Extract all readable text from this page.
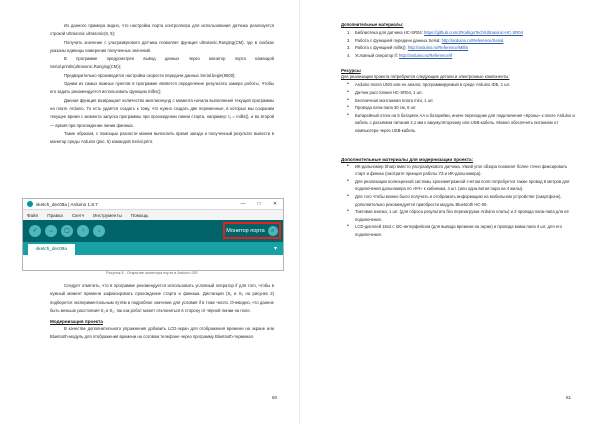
Из данного примера видно, что настройка порта контроллера для использования датчика реализуется строкой Ultrasonic ultrasonic(8, 9);

Получить значение с ультразвукового датчика позволяет функция ultrasonic.Ranging(CM), где в скобках указаны единицы измерения полученных значений.

В программе предусмотрен вывод данных через монитор порта командой Serial.println(ultrasonic.Ranging(CM));

Предварительно производится настройка скорости передачи данных Serial.begin(9600);

Одним из самых важных пунктов в программе является определение результата замера роботы. Чтобы его задать рекомендуется использовать функцию millis();

Данная функция возвращает количество миллисекунд с момента начала выполнения текущей программы на плате Arduino. То есть удаётся создать к тому, что нужно создать две переменные, в которых мы сохраним текущее время с момента запуска программы при прохождении линии старта, например: t₁ = millis(), и во второй — время при прохождении линии финиша.

Такие образом, с помощью разности можем вычислить время заезда и полученный результат вывести в монитор среды Arduino (рис. 5) командой Serial.print.

sketch_dec08a | Arduino 1.8.7	—	□	✕
Файл Правка Скетч Инструменты Помощь
✓	→	▢	↑	↓	Монитор порта	⌕
sketch_dec08a	▾
Рисунок 5 - Открытие монитора порта в Arduino IDE

Следует отметить, что в программе рекомендуется использовать условный оператор if для того, чтобы в нужный момент времени зафиксировать прохождение старта и финиша. Дистанция (S₁ и S₂ на рисунке 2) подберется экспериментальным путём и подробное значение для условия if в тоже число. Очевидно, что данное быть меньше расстояния S₁ и S₂, так как робот может отклониться в сторону от чёрной линии на поле.

Модернизация проекта

В качестве дополнительного упражнения добавить LCD-экран для отображения времени на экране или Bluetooth-модуль для отображения времени на сотовом телефоне через программу Bluetooth-терминал.

60
Дополнительные материалы:
1. Библиотека для датчика HC-SR04: https://github.com/JRodrigoTech/Ultrasonic-HC-SR04
2. Работа с функцией передачи данных Serial: http://arduino.ru/Reference/Serial
3. Работа с функцией millis(): http://arduino.ru/Reference/Millis
4. Условный оператор if: http://arduino.ru/Reference/If
Ресурсы
Для реализации проекта потребуются следующие детали и электронные компоненты:
• Arduino плата UNO или ее аналог, программируемый в среде Arduino IDE, 1 шт.
• Датчик расстояния HC-SR04, 1 шт.
• Беспаечная монтажная плата mini, 1 шт.
• Провода папа-папа 30 см, 8 шт.
• Батарейный отсек на 5 батареек АА и батарейки, иначе переходник для подключения «Кроны» к плате Arduino и кабель с разъёмом питания 2,1 мм к аккумуляторному или USB-кабель. Можно обеспечить питанием от компьютера через USB-кабель.
Дополнительные материалы для модернизации проекта:
• ИК-дальномер Sharp вместо ультразвукового датчика. Узкий угол обзора позволит более точно фиксировать старт и финиш (смотрите принцип работы УЗ и ИК-дальномера).
• Для реализации полноценной системы хронометражной счетом поля потребуется также провод 5 метров для подключения дальномера по «КЧ» к кабинкам, 4 шт. (или одна витая пара на 4 жилы).
• Для того чтобы можно было получать и отображать информацию на мобильном устройстве (смартфоне), дополнительно рекомендуется приобрести модуль Bluetooth HC-06.
• Тактовая кнопка, 1 шт. (для сброса результата без перезагрузки Arduino платы) и 2 провода папа-папа для её подключения.
• LCD-дисплей 16x2 с I2C-интерфейсом (для вывода времени на экран) и провода мама-папа 4 шт. для его подключения.
61
